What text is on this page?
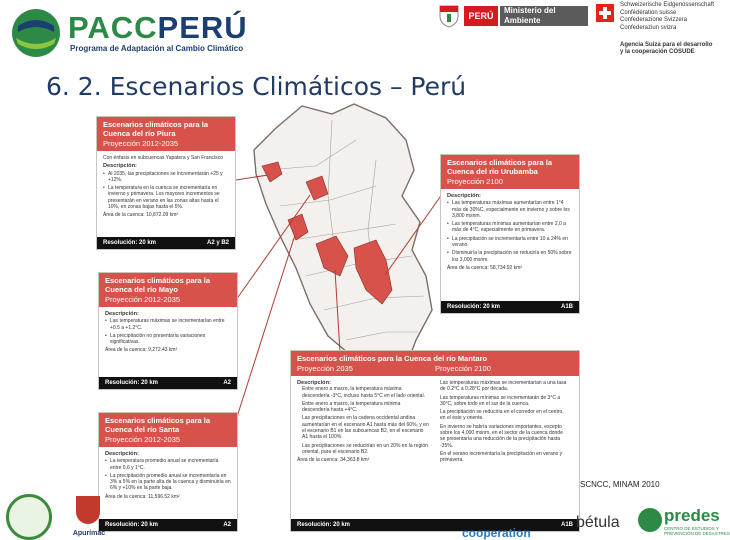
PACCPERÚ
Programa de Adaptación al Cambio Climático
PERÚ
Ministerio del Ambiente
Schweizerische Eidgenossenschaft
Confédération suisse
Confederazione Svizzera
Confederaziun svizra
Agencia Suiza para el desarrollo
y la cooperación COSUDE
6. 2. Escenarios Climáticos – Perú
Escenarios climáticos para la Cuenca del río Piura
Proyección 2012-2035
Con énfasis en subcuencas Yapatera y San Francisco
Descripción:
• Al 2035, las precipitaciones se incrementarán +25 y +12%.
• La temperatura en la cuenca se incrementaría en invierno y primavera. Los mayores incrementos se presentarán en verano en las zonas altas hasta el 10%, en zonas bajas hasta el 5%.
Área de la cuenca: 10,872.09 km²
Resolución: 20 km	A2 y B2
Escenarios climáticos para la Cuenca del río Urubamba
Proyección 2100
Descripción:
• Las temperaturas máximas aumentarían entre 1°4 más de 30%C, especialmente en invierno y sobre los 3,800 msnm.
• Las temperaturas mínimas aumentarían entre 2,0 a más de 4°C, especialmente en primavera.
• La precipitación se incrementaría entre 10 a 24% en verano.
• Disminuiría la precipitación se reduciría en 50% sobre los 3,000 msnm.
Área de la cuenca: 58,734.92 km²
Resolución: 20 km	A1B
Escenarios climáticos para la Cuenca del río Mayo
Proyección 2012-2035
Descripción:
• Las temperaturas máximas se incrementarían entre +0.5 a +1.2°C.
• La precipitación no presentaría variaciones significativas.
Área de la cuenca: 9,272.43 km²
Resolución: 20 km	A2
Escenarios climáticos para la Cuenca del río Mantaro
Proyección 2035	Proyección 2100
Descripción:
Entre enero a marzo, la temperatura máxima descendería -3°C, incluso hasta 5°C en el lado oriental.
Entre enero a marzo, la temperatura mínima descendería hasta +4°C.
Las precipitaciones en la cadena occidental andina aumentarían en el escenario A1 hasta más del 60%, y en el escenario B1 en las subcuencas B2, en el escenario A1 hasta el 100%.
Las precipitaciones se reducirían en un 20% en la región oriental, para el escenario B2.
Área de la cuenca: 34,363.8 km²
Las temperaturas máximas se incrementarían a una tasa de 0.2°C a 0.28°C por década.
Las temperaturas mínimas se incrementarán de 3°C a 30°C, sobre todo en el sur de la cuenca.
La precipitación se reduciría en el corredor en el centro, en el este y oriente.
En invierno se habría variaciones importantes, excepto sobre los 4,000 msnm, en el sector de la cuenca donde se presentaría una reducción de la precipitación hasta -35%.
En el verano incrementaría la precipitación en verano y primavera.
Resolución: 20 km	A1B
Escenarios climáticos para la Cuenca del río Santa
Proyección 2012-2035
Descripción:
• La temperatura promedio anual se incrementaría entre 0.6 y 1°C.
• La precipitación promedio anual se incrementaría en 3% a 5% en la parte alta de la cuenca y disminuiría en 6% y +10% en la parte baja.
Área de la cuenca: 11,596.52 km²
Resolución: 20 km	A2
SCNCC, MINAM 2010
Apurímac	cooperation
bétula	predes
CENTRO DE ESTUDIOS Y
PREVENCIÓN DE DESASTRES
